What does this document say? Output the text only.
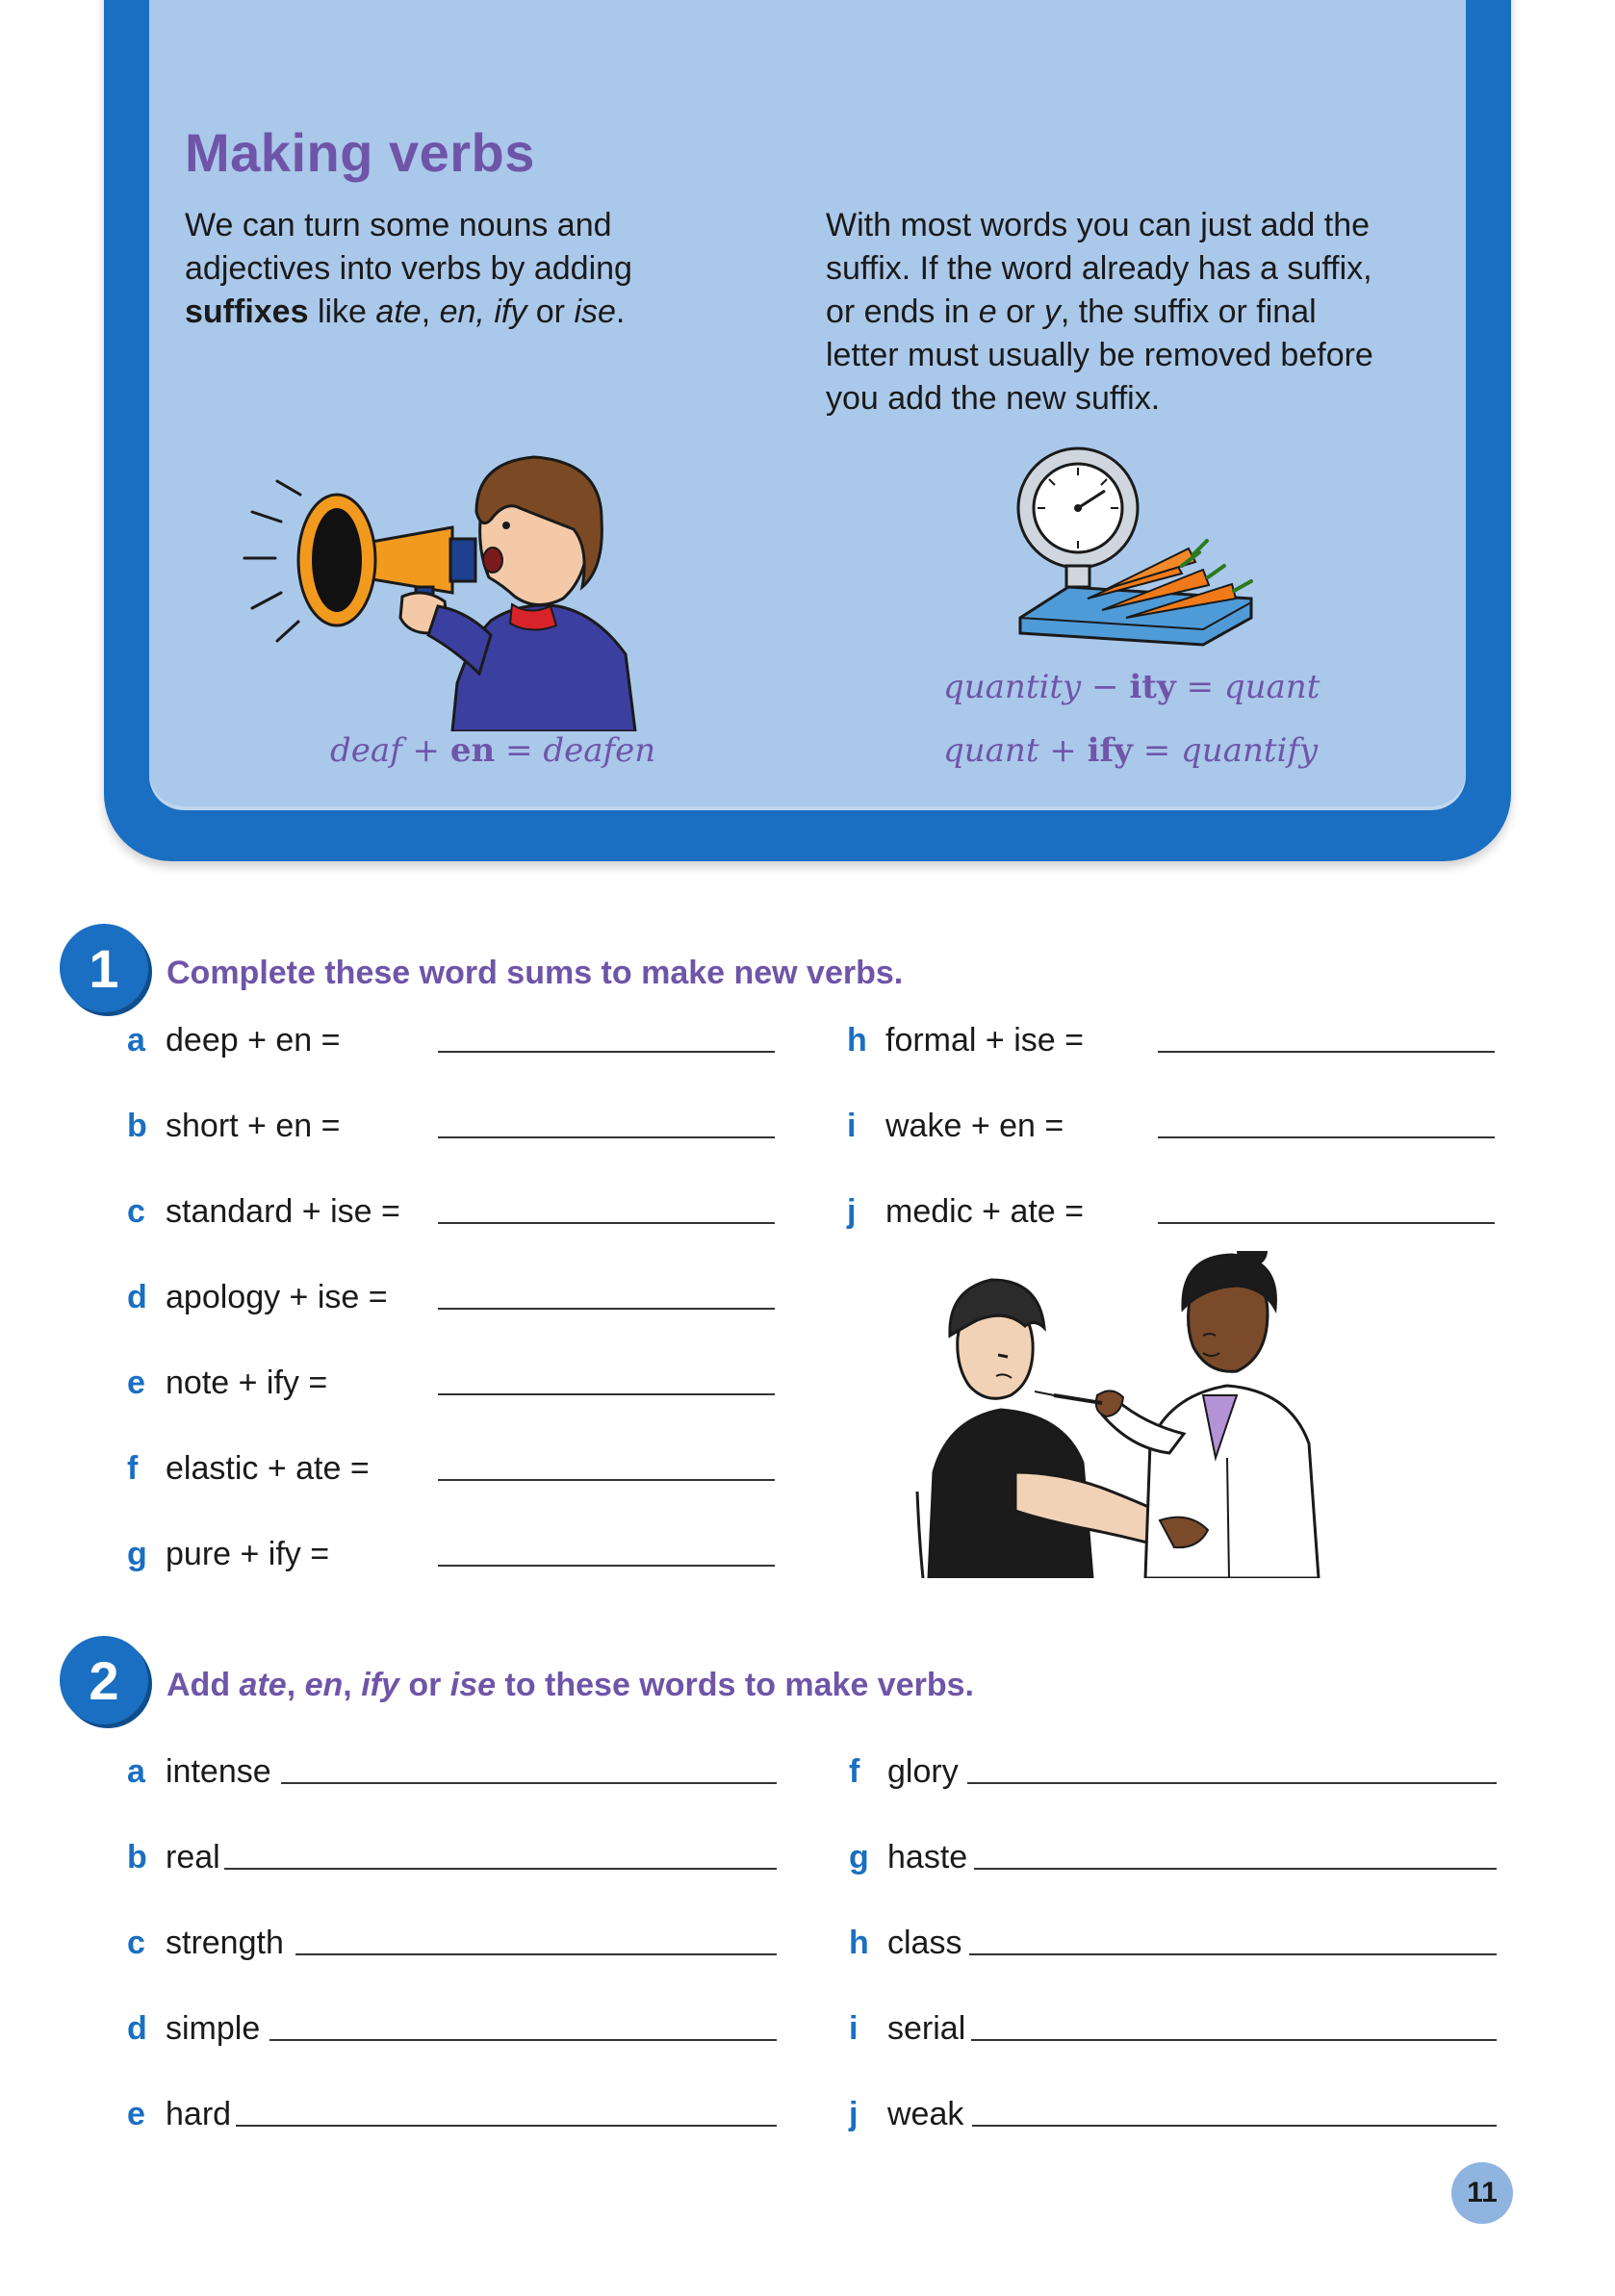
Making verbs

We can turn some nouns and
adjectives into verbs by adding
suffixes like ate, en, ify or ise.

With most words you can just add the
suffix. If the word already has a suffix,
or ends in e or y, the suffix or final
letter must usually be removed before
you add the new suffix.

deaf + en = deafen
quantity − ity = quant
quant + ify = quantify
1	Complete these word sums to make new verbs.
a deep + en =
b short + en =
c standard + ise =
d apology + ise =
e note + ify =
f elastic + ate =
g pure + ify =
h formal + ise =
i wake + en =
j medic + ate =
2	Add ate, en, ify or ise to these words to make verbs.
a intense
b real
c strength
d simple
e hard
f glory
g haste
h class
i serial
j weak
11
